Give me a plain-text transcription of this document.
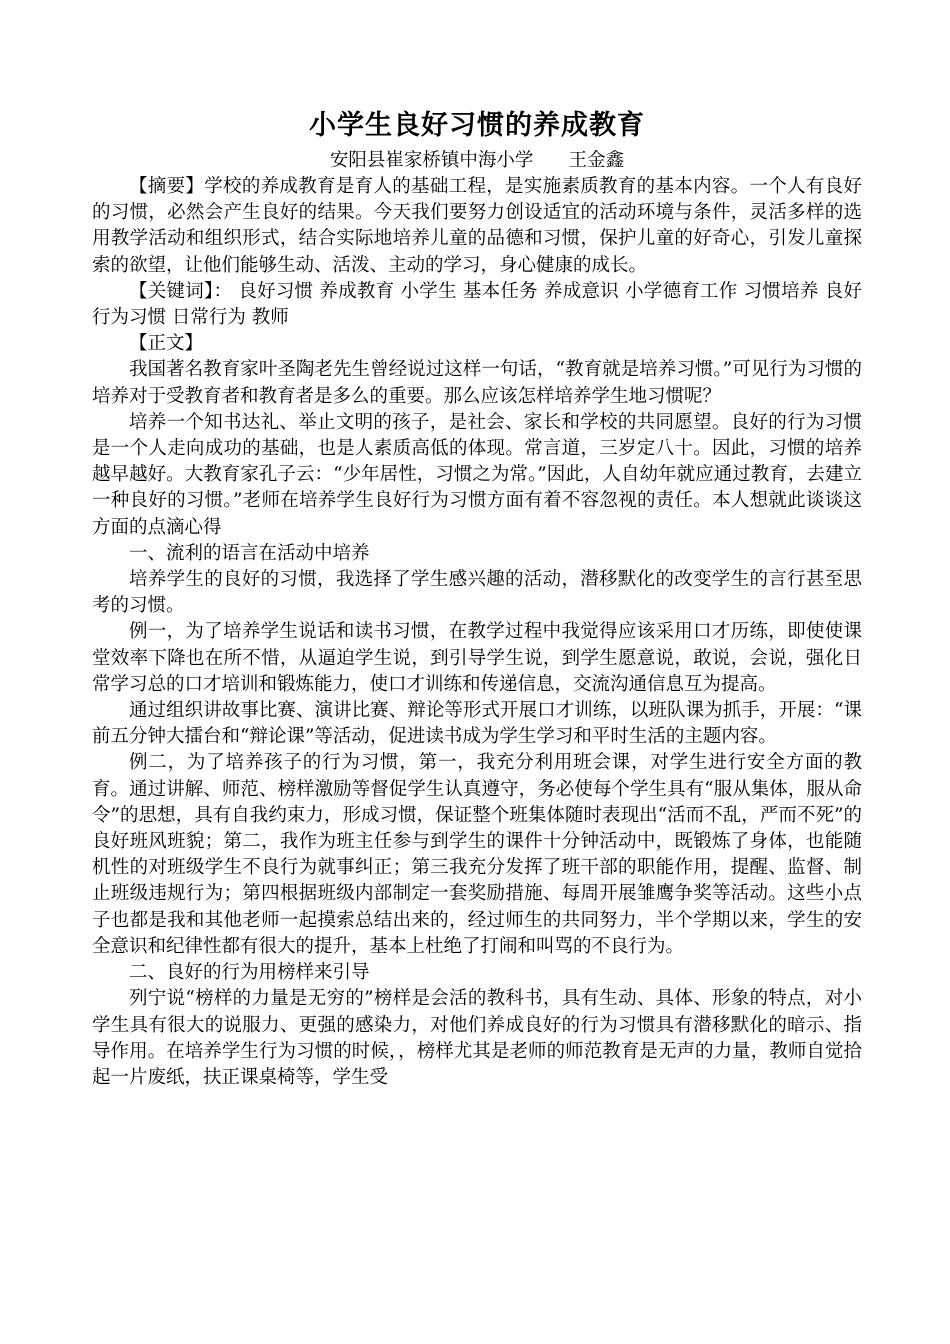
小学生良好习惯的养成教育

安阳县崔家桥镇中海小学      王金鑫

【摘要】学校的养成教育是育人的基础工程，是实施素质教育的基本内容。一个人有良好的习惯，必然会产生良好的结果。今天我们要努力创设适宜的活动环境与条件，灵活多样的选用教学活动和组织形式，结合实际地培养儿童的品德和习惯，保护儿童的好奇心，引发儿童探索的欲望，让他们能够生动、活泼、主动的学习，身心健康的成长。

【关键词】： 良好习惯 养成教育 小学生 基本任务 养成意识 小学德育工作 习惯培养 良好行为习惯 日常行为 教师

【正文】

我国著名教育家叶圣陶老先生曾经说过这样一句话，“教育就是培养习惯。”可见行为习惯的培养对于受教育者和教育者是多么的重要。那么应该怎样培养学生地习惯呢？

培养一个知书达礼、举止文明的孩子，是社会、家长和学校的共同愿望。良好的行为习惯是一个人走向成功的基础，也是人素质高低的体现。常言道，三岁定八十。因此，习惯的培养越早越好。大教育家孔子云：“少年居性，习惯之为常。”因此，人自幼年就应通过教育，去建立一种良好的习惯。”老师在培养学生良好行为习惯方面有着不容忽视的责任。本人想就此谈谈这方面的点滴心得

一、流利的语言在活动中培养

培养学生的良好的习惯，我选择了学生感兴趣的活动，潜移默化的改变学生的言行甚至思考的习惯。

例一，为了培养学生说话和读书习惯，在教学过程中我觉得应该采用口才历练，即使使课堂效率下降也在所不惜，从逼迫学生说，到引导学生说，到学生愿意说，敢说，会说，强化日常学习总的口才培训和锻炼能力，使口才训练和传递信息，交流沟通信息互为提高。

通过组织讲故事比赛、演讲比赛、辩论等形式开展口才训练，以班队课为抓手，开展：“课前五分钟大擂台和“辩论课”等活动，促进读书成为学生学习和平时生活的主题内容。

例二，为了培养孩子的行为习惯，第一，我充分利用班会课，对学生进行安全方面的教育。通过讲解、师范、榜样激励等督促学生认真遵守，务必使每个学生具有“服从集体，服从命令”的思想，具有自我约束力，形成习惯，保证整个班集体随时表现出“活而不乱，严而不死”的良好班风班貌；第二，我作为班主任参与到学生的课件十分钟活动中，既锻炼了身体，也能随机性的对班级学生不良行为就事纠正；第三我充分发挥了班干部的职能作用，提醒、监督、制止班级违规行为；第四根据班级内部制定一套奖励措施、每周开展雏鹰争奖等活动。这些小点子也都是我和其他老师一起摸索总结出来的，经过师生的共同努力，半个学期以来，学生的安全意识和纪律性都有很大的提升，基本上杜绝了打闹和叫骂的不良行为。

二、良好的行为用榜样来引导

列宁说“榜样的力量是无穷的”榜样是会活的教科书，具有生动、具体、形象的特点，对小学生具有很大的说服力、更强的感染力，对他们养成良好的行为习惯具有潜移默化的暗示、指导作用。在培养学生行为习惯的时候，，榜样尤其是老师的师范教育是无声的力量，教师自觉拾起一片废纸，扶正课桌椅等，学生受
